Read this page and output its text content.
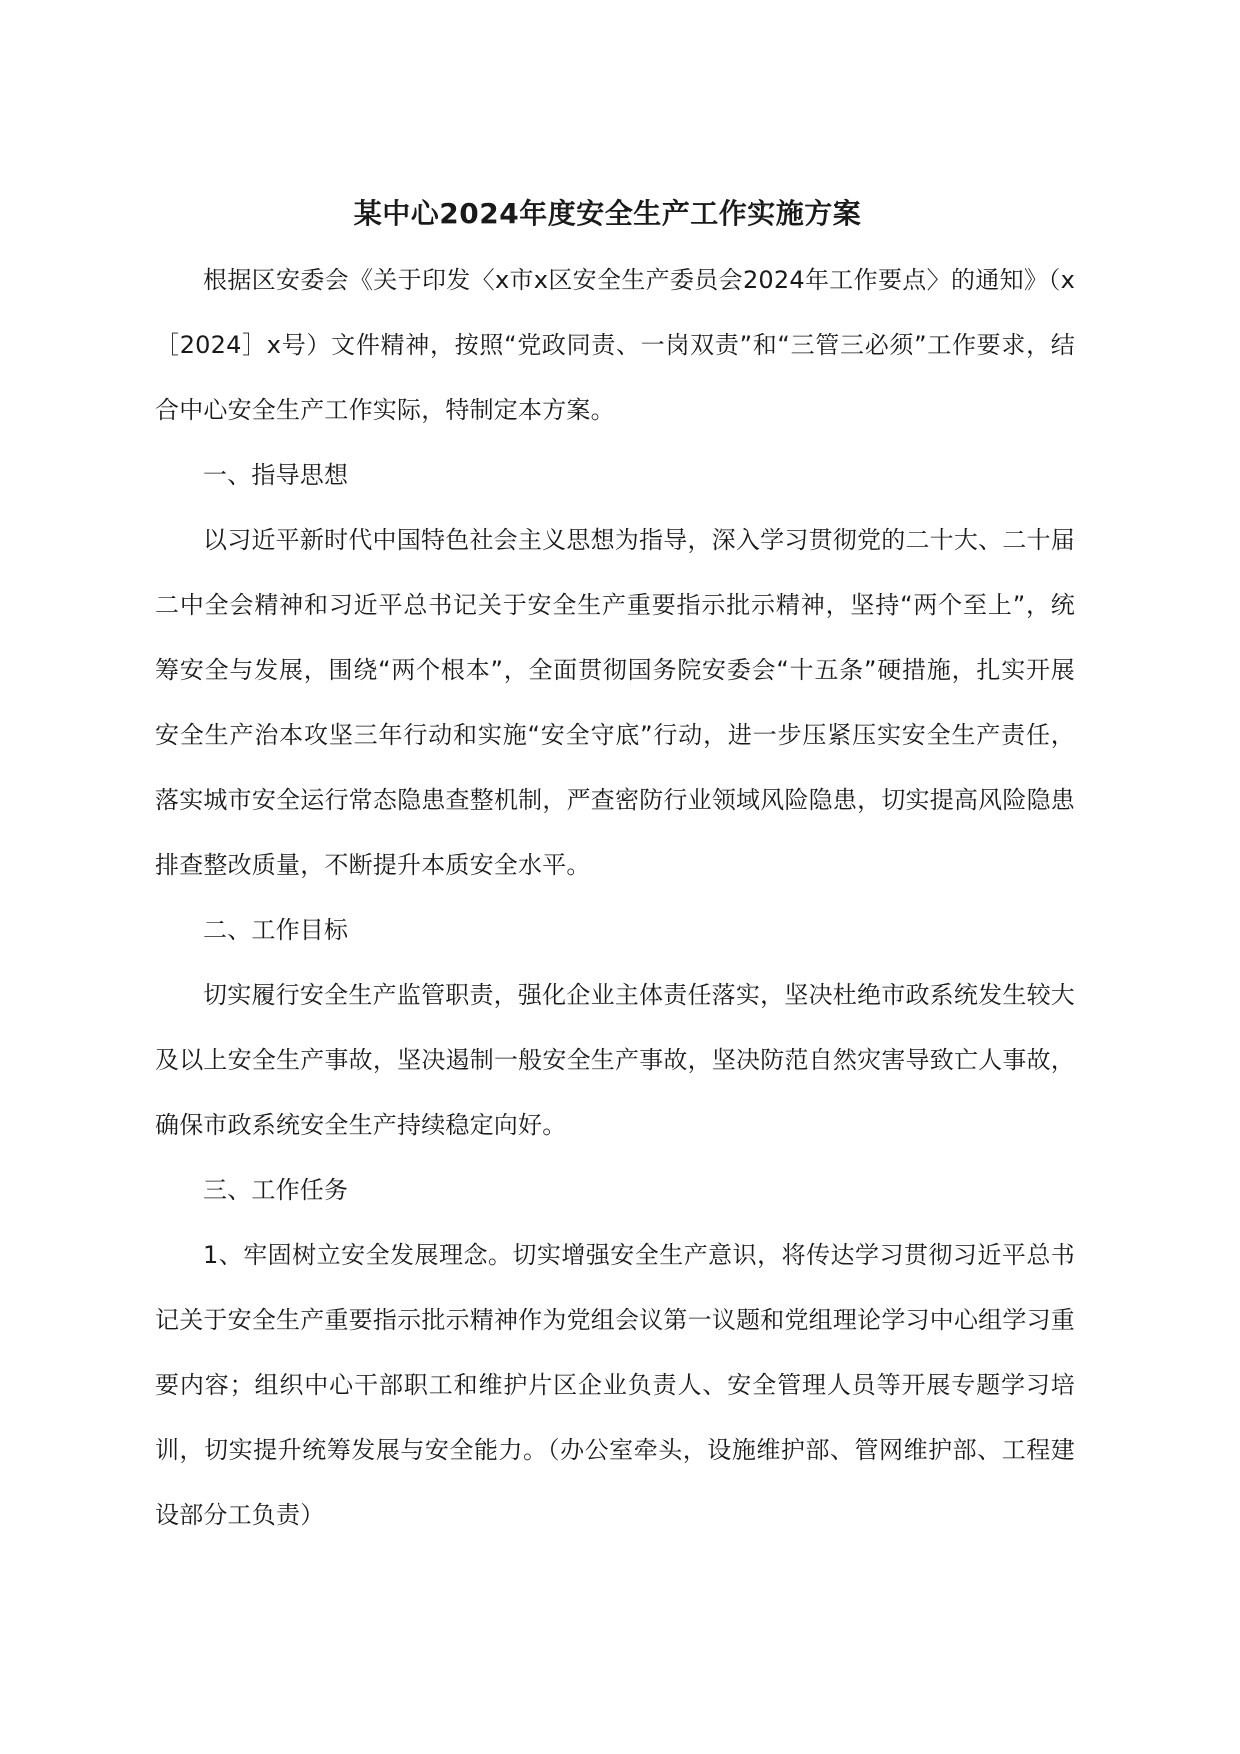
某中心2024年度安全生产工作实施方案

根据区安委会《关于印发〈x市x区安全生产委员会2024年工作要点〉的通知》（x［2024］x号）文件精神，按照“党政同责、一岗双责”和“三管三必须”工作要求，结合中心安全生产工作实际，特制定本方案。

一、指导思想

以习近平新时代中国特色社会主义思想为指导，深入学习贯彻党的二十大、二十届二中全会精神和习近平总书记关于安全生产重要指示批示精神，坚持“两个至上”，统筹安全与发展，围绕“两个根本”，全面贯彻国务院安委会“十五条”硬措施，扎实开展安全生产治本攻坚三年行动和实施“安全守底”行动，进一步压紧压实安全生产责任，落实城市安全运行常态隐患查整机制，严查密防行业领域风险隐患，切实提高风险隐患排查整改质量，不断提升本质安全水平。

二、工作目标

切实履行安全生产监管职责，强化企业主体责任落实，坚决杜绝市政系统发生较大及以上安全生产事故，坚决遏制一般安全生产事故，坚决防范自然灾害导致亡人事故，确保市政系统安全生产持续稳定向好。

三、工作任务

1、牢固树立安全发展理念。切实增强安全生产意识，将传达学习贯彻习近平总书记关于安全生产重要指示批示精神作为党组会议第一议题和党组理论学习中心组学习重要内容；组织中心干部职工和维护片区企业负责人、安全管理人员等开展专题学习培训，切实提升统筹发展与安全能力。（办公室牵头，设施维护部、管网维护部、工程建设部分工负责）
